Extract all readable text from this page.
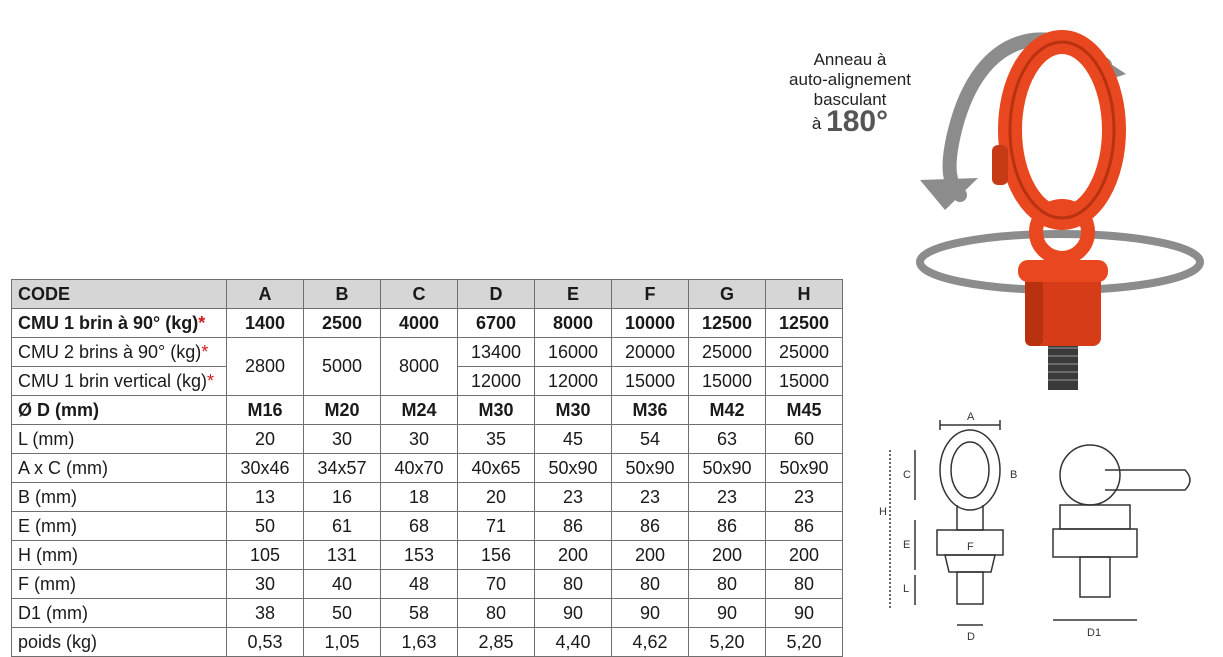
Anneau à
auto-alignement
basculant
à 180°
A
B
C
H
E	F
L
D	D1
CODE	A	B	C	D	E	F	G	H
CMU 1 brin à 90° (kg)*	1400	2500	4000	6700	8000	10000	12500	12500
CMU 2 brins à 90° (kg)*	2800	5000	8000	13400	16000	20000	25000	25000
CMU 1 brin vertical (kg)*				12000	12000	15000	15000	15000
Ø D (mm)	M16	M20	M24	M30	M30	M36	M42	M45
L (mm)	20	30	30	35	45	54	63	60
A x C (mm)	30x46	34x57	40x70	40x65	50x90	50x90	50x90	50x90
B (mm)	13	16	18	20	23	23	23	23
E (mm)	50	61	68	71	86	86	86	86
H (mm)	105	131	153	156	200	200	200	200
F (mm)	30	40	48	70	80	80	80	80
D1 (mm)	38	50	58	80	90	90	90	90
poids (kg)	0,53	1,05	1,63	2,85	4,40	4,62	5,20	5,20
